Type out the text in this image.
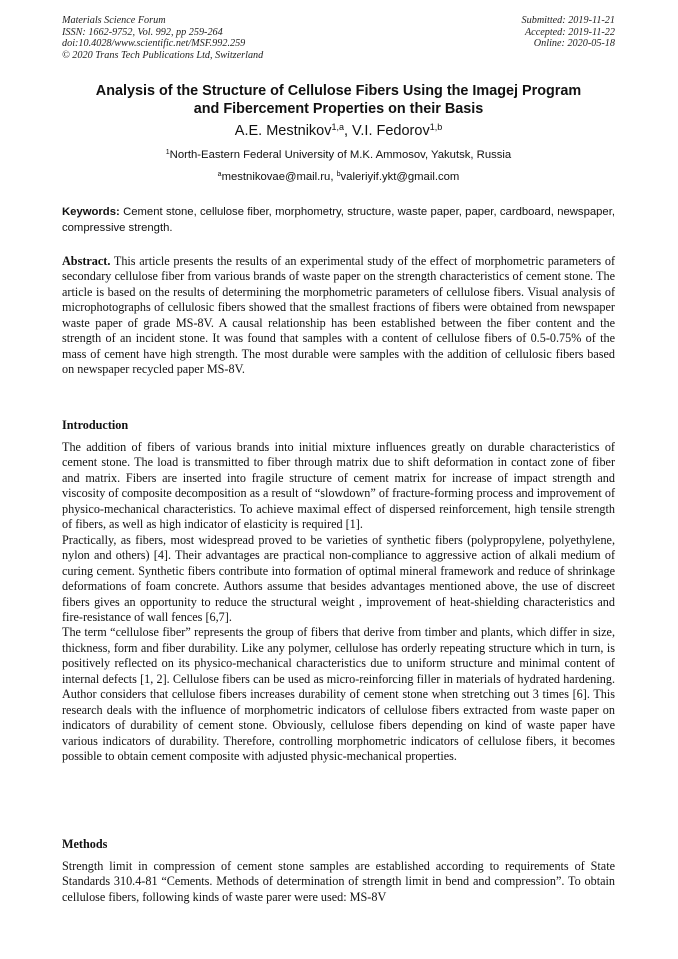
Materials Science Forum
ISSN: 1662-9752, Vol. 992, pp 259-264
doi:10.4028/www.scientific.net/MSF.992.259
© 2020 Trans Tech Publications Ltd, Switzerland
Submitted: 2019-11-21
Accepted: 2019-11-22
Online: 2020-05-18
Analysis of the Structure of Cellulose Fibers Using the Imagej Program
and Fibercement Properties on their Basis
A.E. Mestnikov$^{1,a}$, V.I. Fedorov$^{1,b}$
$^1$North-Eastern Federal University of M.K. Ammosov, Yakutsk, Russia
$^a$mestnikovae@mail.ru, $^b$valeriyif.ykt@gmail.com
Keywords: Cement stone, cellulose fiber, morphometry, structure, waste paper, paper, cardboard, newspaper, compressive strength.
Abstract. This article presents the results of an experimental study of the effect of morphometric parameters of secondary cellulose fiber from various brands of waste paper on the strength characteristics of cement stone. The article is based on the results of determining the morphometric parameters of cellulose fibers. Visual analysis of microphotographs of cellulosic fibers showed that the smallest fractions of fibers were obtained from newspaper waste paper of grade MS-8V. A causal relationship has been established between the fiber content and the strength of an incident stone. It was found that samples with a content of cellulose fibers of 0.5-0.75% of the mass of cement have high strength. The most durable were samples with the addition of cellulosic fibers based on newspaper recycled paper MS-8V.
Introduction

The addition of fibers of various brands into initial mixture influences greatly on durable characteristics of cement stone. The load is transmitted to fiber through matrix due to shift deformation in contact zone of fiber and matrix. Fibers are inserted into fragile structure of cement matrix for increase of impact strength and viscosity of composite decomposition as a result of “slowdown” of fracture-forming process and improvement of physico-mechanical characteristics. To achieve maximal effect of dispersed reinforcement, high tensile strength of fibers, as well as high indicator of elasticity is required [1].

Practically, as fibers, most widespread proved to be varieties of synthetic fibers (polypropylene, polyethylene, nylon and others) [4]. Their advantages are practical non-compliance to aggressive action of alkali medium of curing cement. Synthetic fibers contribute into formation of optimal mineral framework and reduce of shrinkage deformations of foam concrete. Authors assume that besides advantages mentioned above, the use of discreet fibers gives an opportunity to reduce the structural weight , improvement of heat-shielding characteristics and fire-resistance of wall fences [6,7].

The term “cellulose fiber” represents the group of fibers that derive from timber and plants, which differ in size, thickness, form and fiber durability. Like any polymer, cellulose has orderly repeating structure which in turn, is positively reflected on its physico-mechanical characteristics due to uniform structure and minimal content of internal defects [1, 2]. Cellulose fibers can be used as micro-reinforcing filler in materials of hydrated hardening. Author considers that cellulose fibers increases durability of cement stone when stretching out 3 times [6]. This research deals with the influence of morphometric indicators of cellulose fibers extracted from waste paper on indicators of durability of cement stone. Obviously, cellulose fibers depending on kind of waste paper have various indicators of durability. Therefore, controlling morphometric indicators of cellulose fibers, it becomes possible to obtain cement composite with adjusted physic-mechanical properties.

Methods

Strength limit in compression of cement stone samples are established according to requirements of State Standards 310.4-81 “Cements. Methods of determination of strength limit in bend and compression”. To obtain cellulose fibers, following kinds of waste parer were used: MS-8V
